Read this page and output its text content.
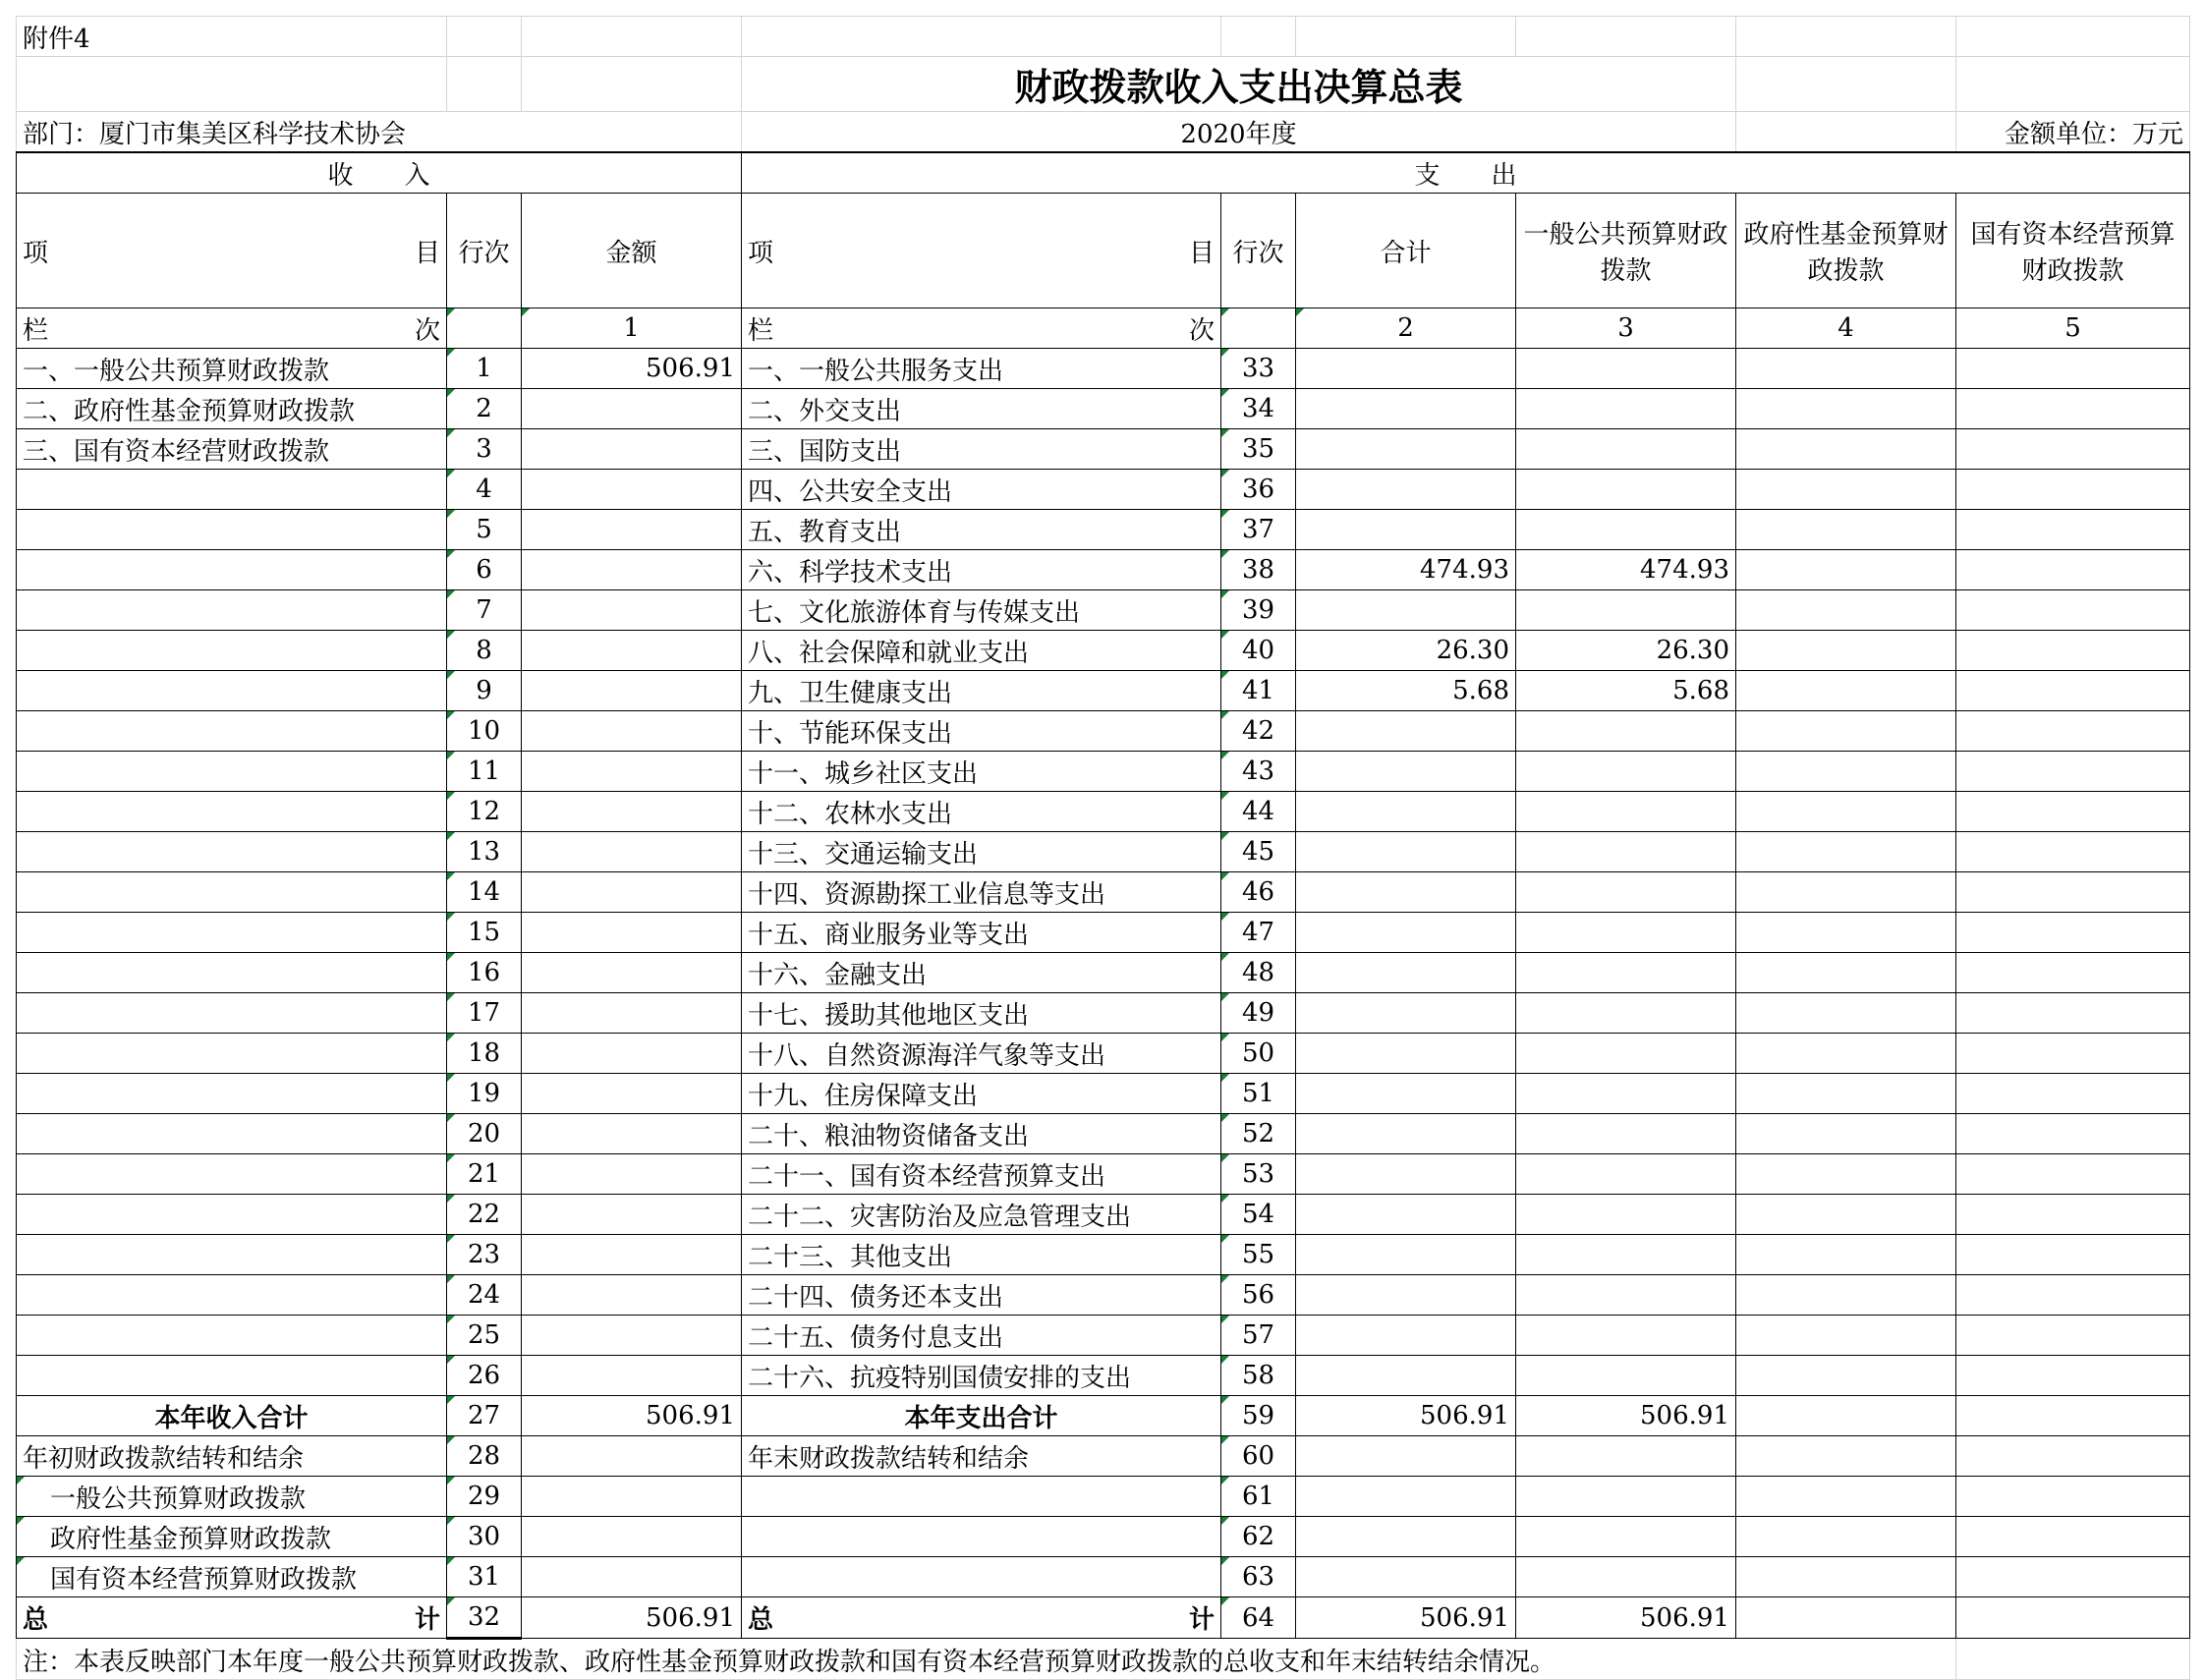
附件4								
			财政拨款收入支出决算总表					
部门：厦门市集美区科学技术协会			2020年度					金额单位：万元
收　　入			支　　出					

项 目	行次	金额	项 目	行次	合计	一般公共预算财政拨款	政府性基金预算财政拨款	国有资本经营预算财政拨款

栏 次		1	栏 次		2	3	4	5
一、一般公共预算财政拨款	1	506.91	一、一般公共服务支出	33				
二、政府性基金预算财政拨款	2		二、外交支出	34				
三、国有资本经营财政拨款	3		三、国防支出	35				
	4		四、公共安全支出	36				
	5		五、教育支出	37				
	6		六、科学技术支出	38	474.93	474.93		
	7		七、文化旅游体育与传媒支出	39				
	8		八、社会保障和就业支出	40	26.30	26.30		
	9		九、卫生健康支出	41	5.68	5.68		
	10		十、节能环保支出	42				
	11		十一、城乡社区支出	43				
	12		十二、农林水支出	44				
	13		十三、交通运输支出	45				
	14		十四、资源勘探工业信息等支出	46				
	15		十五、商业服务业等支出	47				
	16		十六、金融支出	48				
	17		十七、援助其他地区支出	49				
	18		十八、自然资源海洋气象等支出	50				
	19		十九、住房保障支出	51				
	20		二十、粮油物资储备支出	52				
	21		二十一、国有资本经营预算支出	53				
	22		二十二、灾害防治及应急管理支出	54				
	23		二十三、其他支出	55				
	24		二十四、债务还本支出	56				
	25		二十五、债务付息支出	57				
	26		二十六、抗疫特别国债安排的支出	58				
本年收入合计	27	506.91	本年支出合计	59	506.91	506.91		
年初财政拨款结转和结余	28		年末财政拨款结转和结余	60				
一般公共预算财政拨款	29			61				
政府性基金预算财政拨款	30			62				
国有资本经营预算财政拨款	31			63				

总 计	32	506.91	总 计	64	506.91	506.91		
注：本表反映部门本年度一般公共预算财政拨款、政府性基金预算财政拨款和国有资本经营预算财政拨款的总收支和年末结转结余情况。								
